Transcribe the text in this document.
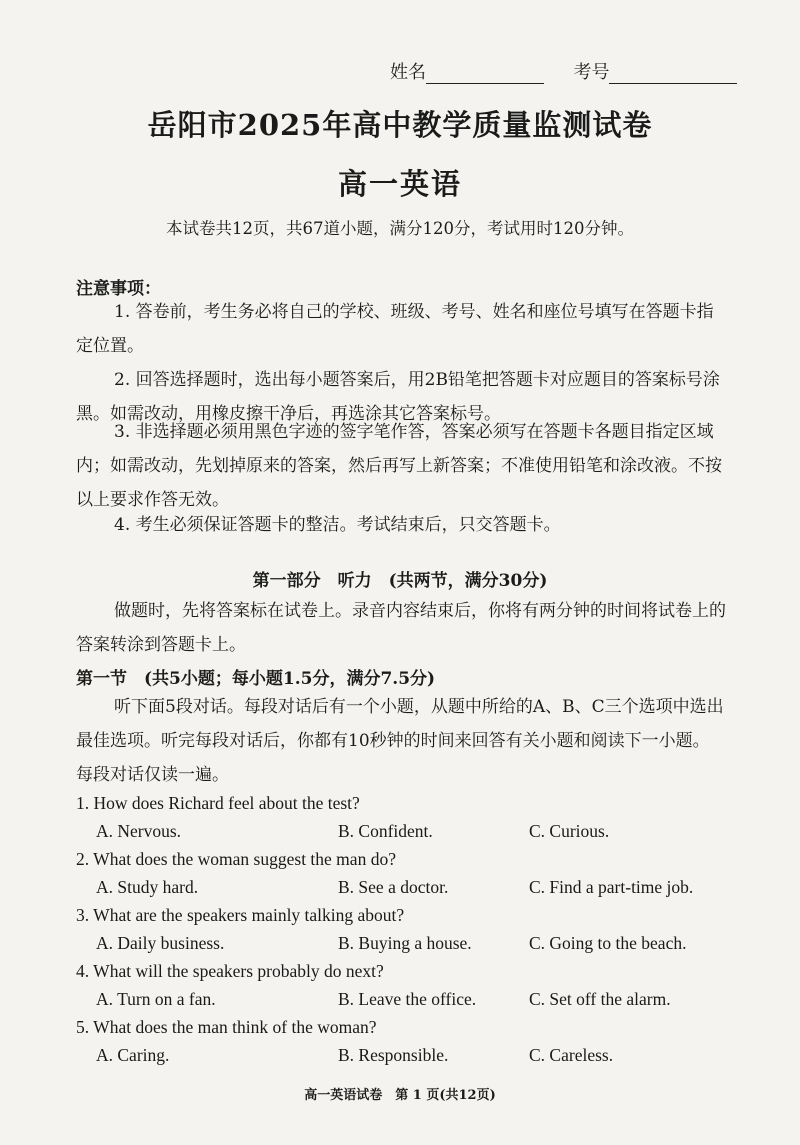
姓名	考号
岳阳市2025年高中教学质量监测试卷
高一英语
本试卷共12页，共67道小题，满分120分，考试用时120分钟。
注意事项：
1. 答卷前，考生务必将自己的学校、班级、考号、姓名和座位号填写在答题卡指定位置。
2. 回答选择题时，选出每小题答案后，用2B铅笔把答题卡对应题目的答案标号涂黑。如需改动，用橡皮擦干净后，再选涂其它答案标号。
3. 非选择题必须用黑色字迹的签字笔作答，答案必须写在答题卡各题目指定区域内；如需改动，先划掉原来的答案，然后再写上新答案；不准使用铅笔和涂改液。不按以上要求作答无效。
4. 考生必须保证答题卡的整洁。考试结束后，只交答题卡。
第一部分　听力　(共两节，满分30分)
做题时，先将答案标在试卷上。录音内容结束后，你将有两分钟的时间将试卷上的答案转涂到答题卡上。
第一节　(共5小题；每小题1.5分，满分7.5分)
听下面5段对话。每段对话后有一个小题，从题中所给的A、B、C三个选项中选出最佳选项。听完每段对话后，你都有10秒钟的时间来回答有关小题和阅读下一小题。每段对话仅读一遍。
1. How does Richard feel about the test?
A. Nervous.	B. Confident.	C. Curious.
2. What does the woman suggest the man do?
A. Study hard.	B. See a doctor.	C. Find a part-time job.
3. What are the speakers mainly talking about?
A. Daily business.	B. Buying a house.	C. Going to the beach.
4. What will the speakers probably do next?
A. Turn on a fan.	B. Leave the office.	C. Set off the alarm.
5. What does the man think of the woman?
A. Caring.	B. Responsible.	C. Careless.
高一英语试卷　第 1 页(共12页)
